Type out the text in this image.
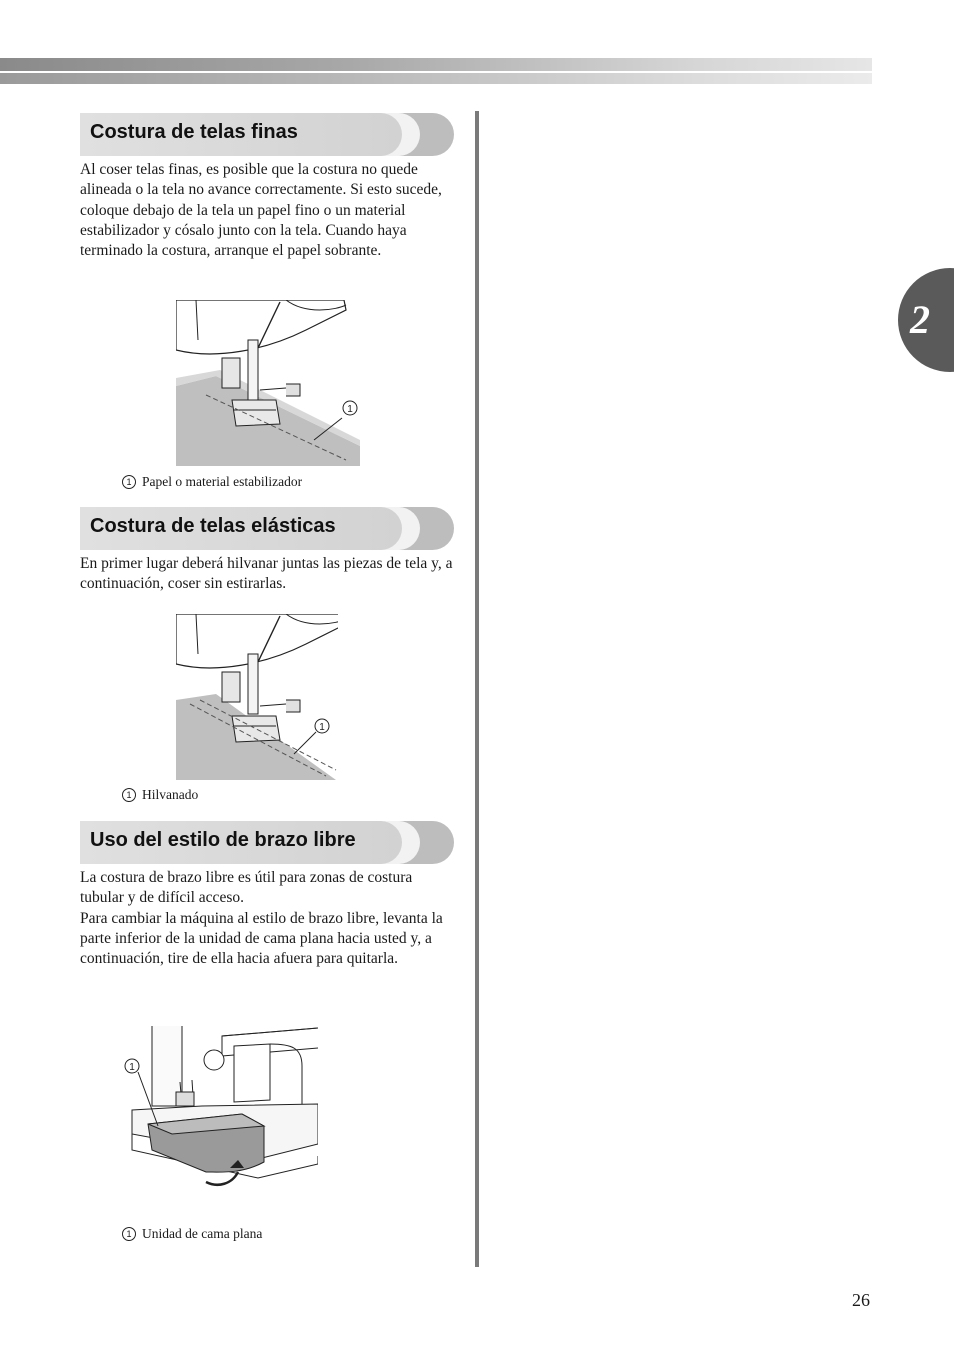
2
Costura de telas finas

Al coser telas finas, es posible que la costura no quede alineada o la tela no avance correctamente. Si esto sucede, coloque debajo de la tela un papel fino o un material estabilizador y cósalo junto con la tela. Cuando haya terminado la costura, arranque el papel sobrante.

1

1 Papel o material estabilizador

Costura de telas elásticas

En primer lugar deberá hilvanar juntas las piezas de tela y, a continuación, coser sin estirarlas.

1

1 Hilvanado

Uso del estilo de brazo libre

La costura de brazo libre es útil para zonas de costura tubular y de difícil acceso.
Para cambiar la máquina al estilo de brazo libre, levanta la parte inferior de la unidad de cama plana hacia usted y, a continuación, tire de ella hacia afuera para quitarla.

1

1 Unidad de cama plana

26
